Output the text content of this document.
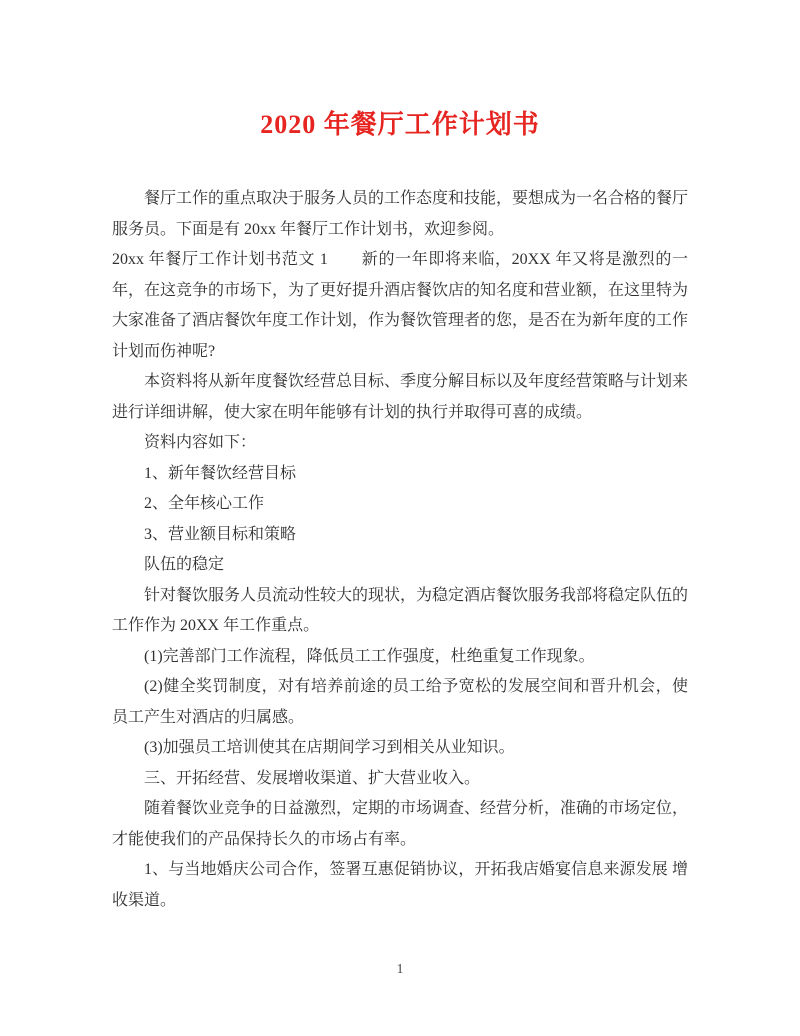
2020 年餐厅工作计划书

餐厅工作的重点取决于服务人员的工作态度和技能，要想成为一名合格的餐厅服务员。下面是有 20xx 年餐厅工作计划书，欢迎参阅。

20xx 年餐厅工作计划书范文 1　　新的一年即将来临，20XX 年又将是激烈的一年，在这竞争的市场下，为了更好提升酒店餐饮店的知名度和营业额，在这里特为大家准备了酒店餐饮年度工作计划，作为餐饮管理者的您，是否在为新年度的工作计划而伤神呢?

本资料将从新年度餐饮经营总目标、季度分解目标以及年度经营策略与计划来进行详细讲解，使大家在明年能够有计划的执行并取得可喜的成绩。

资料内容如下：

1、新年餐饮经营目标

2、全年核心工作

3、营业额目标和策略

队伍的稳定

针对餐饮服务人员流动性较大的现状，为稳定酒店餐饮服务我部将稳定队伍的工作作为 20XX 年工作重点。

(1)完善部门工作流程，降低员工工作强度，杜绝重复工作现象。

(2)健全奖罚制度，对有培养前途的员工给予宽松的发展空间和晋升机会，使员工产生对酒店的归属感。

(3)加强员工培训使其在店期间学习到相关从业知识。

三、开拓经营、发展增收渠道、扩大营业收入。

随着餐饮业竞争的日益激烈，定期的市场调查、经营分析，准确的市场定位，才能使我们的产品保持长久的市场占有率。

1、与当地婚庆公司合作，签署互惠促销协议，开拓我店婚宴信息来源发展 增收渠道。

1
